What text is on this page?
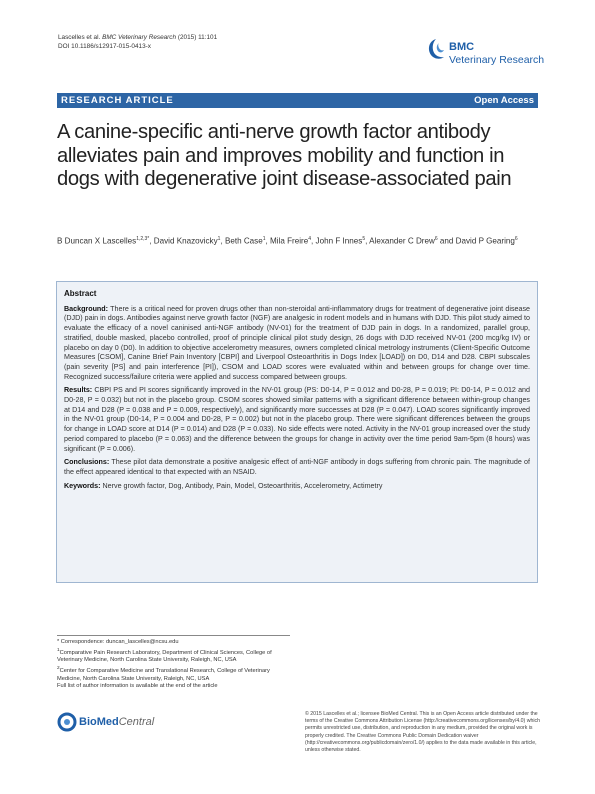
Lascelles et al. BMC Veterinary Research (2015) 11:101
DOI 10.1186/s12917-015-0413-x	BMC
Veterinary Research
RESEARCH ARTICLE	Open Access
A canine-specific anti-nerve growth factor antibody alleviates pain and improves mobility and function in dogs with degenerative joint disease-associated pain
B Duncan X Lascelles$^{1,2,3*}$, David Knazovicky$^1$, Beth Case$^1$, Mila Freire$^4$, John F Innes$^5$, Alexander C Drew$^6$ and David P Gearing$^6$

Abstract

Background: There is a critical need for proven drugs other than non-steroidal anti-inflammatory drugs for treatment of degenerative joint disease (DJD) pain in dogs. Antibodies against nerve growth factor (NGF) are analgesic in rodent models and in humans with DJD. This pilot study aimed to evaluate the efficacy of a novel caninised anti-NGF antibody (NV-01) for the treatment of DJD pain in dogs. In a randomized, parallel group, stratified, double masked, placebo controlled, proof of principle clinical pilot study design, 26 dogs with DJD received NV-01 (200 mcg/kg IV) or placebo on day 0 (D0). In addition to objective accelerometry measures, owners completed clinical metrology instruments (Client-Specific Outcome Measures [CSOM], Canine Brief Pain Inventory [CBPI] and Liverpool Osteoarthritis in Dogs Index [LOAD]) on D0, D14 and D28. CBPI subscales (pain severity [PS] and pain interference [PI]), CSOM and LOAD scores were evaluated within and between groups for change over time. Recognized success/failure criteria were applied and success compared between groups.

Results: CBPI PS and PI scores significantly improved in the NV-01 group (PS: D0-14, P = 0.012 and D0-28, P = 0.019; PI: D0-14, P = 0.012 and D0-28, P = 0.032) but not in the placebo group. CSOM scores showed similar patterns with a significant difference between within-group changes at D14 and D28 (P = 0.038 and P = 0.009, respectively), and significantly more successes at D28 (P = 0.047). LOAD scores significantly improved in the NV-01 group (D0-14, P = 0.004 and D0-28, P = 0.002) but not in the placebo group. There were significant differences between the groups for change in LOAD score at D14 (P = 0.014) and D28 (P = 0.033). No side effects were noted. Activity in the NV-01 group increased over the study period compared to placebo (P = 0.063) and the difference between the groups for change in activity over the time period 9am-5pm (8 hours) was significant (P = 0.006).

Conclusions: These pilot data demonstrate a positive analgesic effect of anti-NGF antibody in dogs suffering from chronic pain. The magnitude of the effect appeared identical to that expected with an NSAID.

Keywords: Nerve growth factor, Dog, Antibody, Pain, Model, Osteoarthritis, Accelerometry, Actimetry

* Correspondence: duncan_lascelles@ncsu.edu
$^1$Comparative Pain Research Laboratory, Department of Clinical Sciences, College of Veterinary Medicine, North Carolina State University, Raleigh, NC, USA
$^2$Center for Comparative Medicine and Translational Research, College of Veterinary Medicine, North Carolina State University, Raleigh, NC, USA
Full list of author information is available at the end of the article
BioMedCentral
© 2015 Lascelles et al.; licensee BioMed Central. This is an Open Access article distributed under the terms of the Creative Commons Attribution License (http://creativecommons.org/licenses/by/4.0) which permits unrestricted use, distribution, and reproduction in any medium, provided the original work is properly credited. The Creative Commons Public Domain Dedication waiver (http://creativecommons.org/publicdomain/zero/1.0/) applies to the data made available in this article, unless otherwise stated.
